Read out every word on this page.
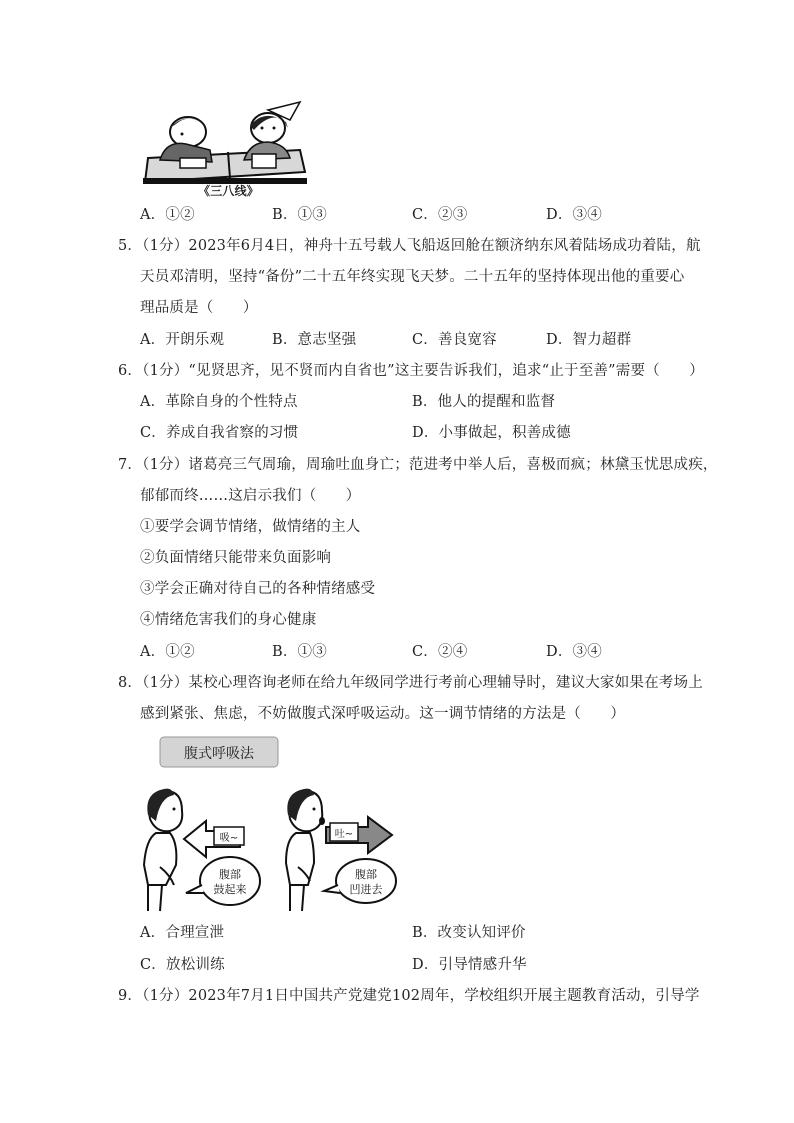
《三八线》
A．①②	B．①③	C．②③	D．③④
5．（1分）2023年6月4日，神舟十五号载人飞船返回舱在额济纳东风着陆场成功着陆，航
天员邓清明，坚持“备份”二十五年终实现飞天梦。二十五年的坚持体现出他的重要心
理品质是（　　）
A．开朗乐观	B．意志坚强	C．善良宽容	D．智力超群
6．（1分）“见贤思齐，见不贤而内自省也”这主要告诉我们，追求“止于至善”需要（　　）
A．革除自身的个性特点	B．他人的提醒和监督
C．养成自我省察的习惯	D．小事做起，积善成德
7．（1分）诸葛亮三气周瑜，周瑜吐血身亡；范进考中举人后，喜极而疯；林黛玉忧思成疾，
郁郁而终……这启示我们（　　）
①要学会调节情绪，做情绪的主人
②负面情绪只能带来负面影响
③学会正确对待自己的各种情绪感受
④情绪危害我们的身心健康
A．①②	B．①③	C．②④	D．③④
8．（1分）某校心理咨询老师在给九年级同学进行考前心理辅导时，建议大家如果在考场上
感到紧张、焦虑，不妨做腹式深呼吸运动。这一调节情绪的方法是（　　）
腹式呼吸法
吸~
腹部
鼓起来
吐~
腹部
凹进去
A．合理宣泄	B．改变认知评价
C．放松训练	D．引导情感升华
9．（1分）2023年7月1日中国共产党建党102周年，学校组织开展主题教育活动，引导学
